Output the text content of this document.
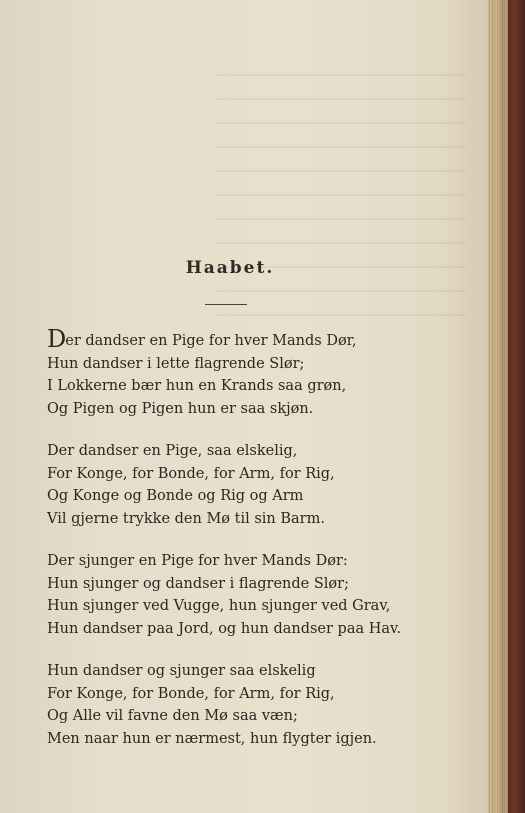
Haabet.
Der dandser en Pige for hver Mands Dør,
Hun dandser i lette flagrende Slør;
I Lokkerne bær hun en Krands saa grøn,
Og Pigen og Pigen hun er saa skjøn.
Der dandser en Pige, saa elskelig,
For Konge, for Bonde, for Arm, for Rig,
Og Konge og Bonde og Rig og Arm
Vil gjerne trykke den Mø til sin Barm.
Der sjunger en Pige for hver Mands Dør:
Hun sjunger og dandser i flagrende Slør;
Hun sjunger ved Vugge, hun sjunger ved Grav,
Hun dandser paa Jord, og hun dandser paa Hav.
Hun dandser og sjunger saa elskelig
For Konge, for Bonde, for Arm, for Rig,
Og Alle vil favne den Mø saa væn;
Men naar hun er nærmest, hun flygter igjen.
